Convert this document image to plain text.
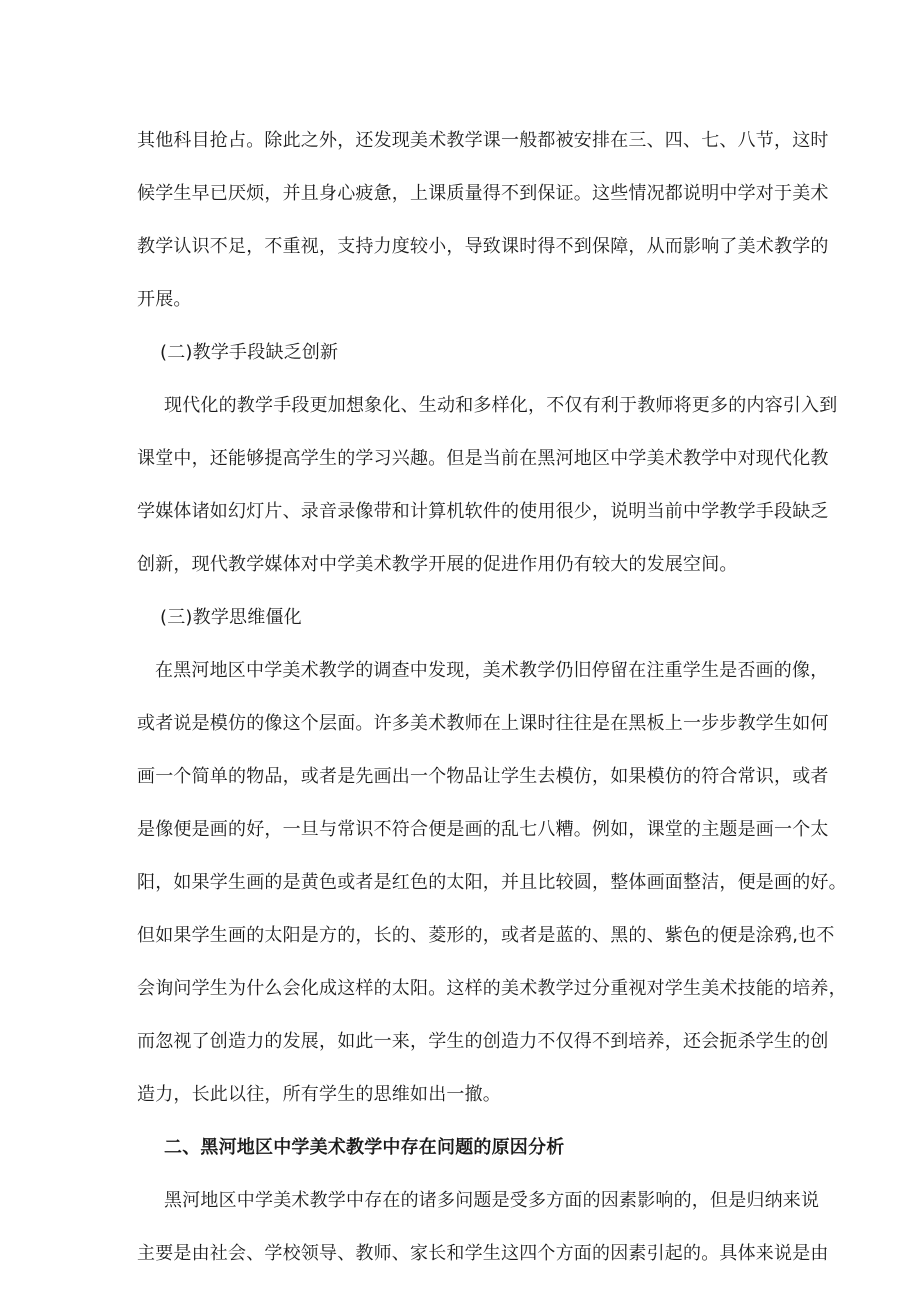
其他科目抢占。除此之外，还发现美术教学课一般都被安排在三、四、七、八节，这时
候学生早已厌烦，并且身心疲惫，上课质量得不到保证。这些情况都说明中学对于美术
教学认识不足，不重视，支持力度较小，导致课时得不到保障，从而影响了美术教学的
开展。
(二)教学手段缺乏创新
现代化的教学手段更加想象化、生动和多样化，不仅有利于教师将更多的内容引入到
课堂中，还能够提高学生的学习兴趣。但是当前在黑河地区中学美术教学中对现代化教
学媒体诸如幻灯片、录音录像带和计算机软件的使用很少，说明当前中学教学手段缺乏
创新，现代教学媒体对中学美术教学开展的促进作用仍有较大的发展空间。
(三)教学思维僵化
在黑河地区中学美术教学的调查中发现，美术教学仍旧停留在注重学生是否画的像，
或者说是模仿的像这个层面。许多美术教师在上课时往往是在黑板上一步步教学生如何
画一个简单的物品，或者是先画出一个物品让学生去模仿，如果模仿的符合常识，或者
是像便是画的好，一旦与常识不符合便是画的乱七八糟。例如，课堂的主题是画一个太
阳，如果学生画的是黄色或者是红色的太阳，并且比较圆，整体画面整洁，便是画的好。
但如果学生画的太阳是方的，长的、菱形的，或者是蓝的、黑的、紫色的便是涂鸦,也不
会询问学生为什么会化成这样的太阳。这样的美术教学过分重视对学生美术技能的培养，
而忽视了创造力的发展，如此一来，学生的创造力不仅得不到培养，还会扼杀学生的创
造力，长此以往，所有学生的思维如出一撤。
二、黑河地区中学美术教学中存在问题的原因分析
黑河地区中学美术教学中存在的诸多问题是受多方面的因素影响的，但是归纳来说
主要是由社会、学校领导、教师、家长和学生这四个方面的因素引起的。具体来说是由
